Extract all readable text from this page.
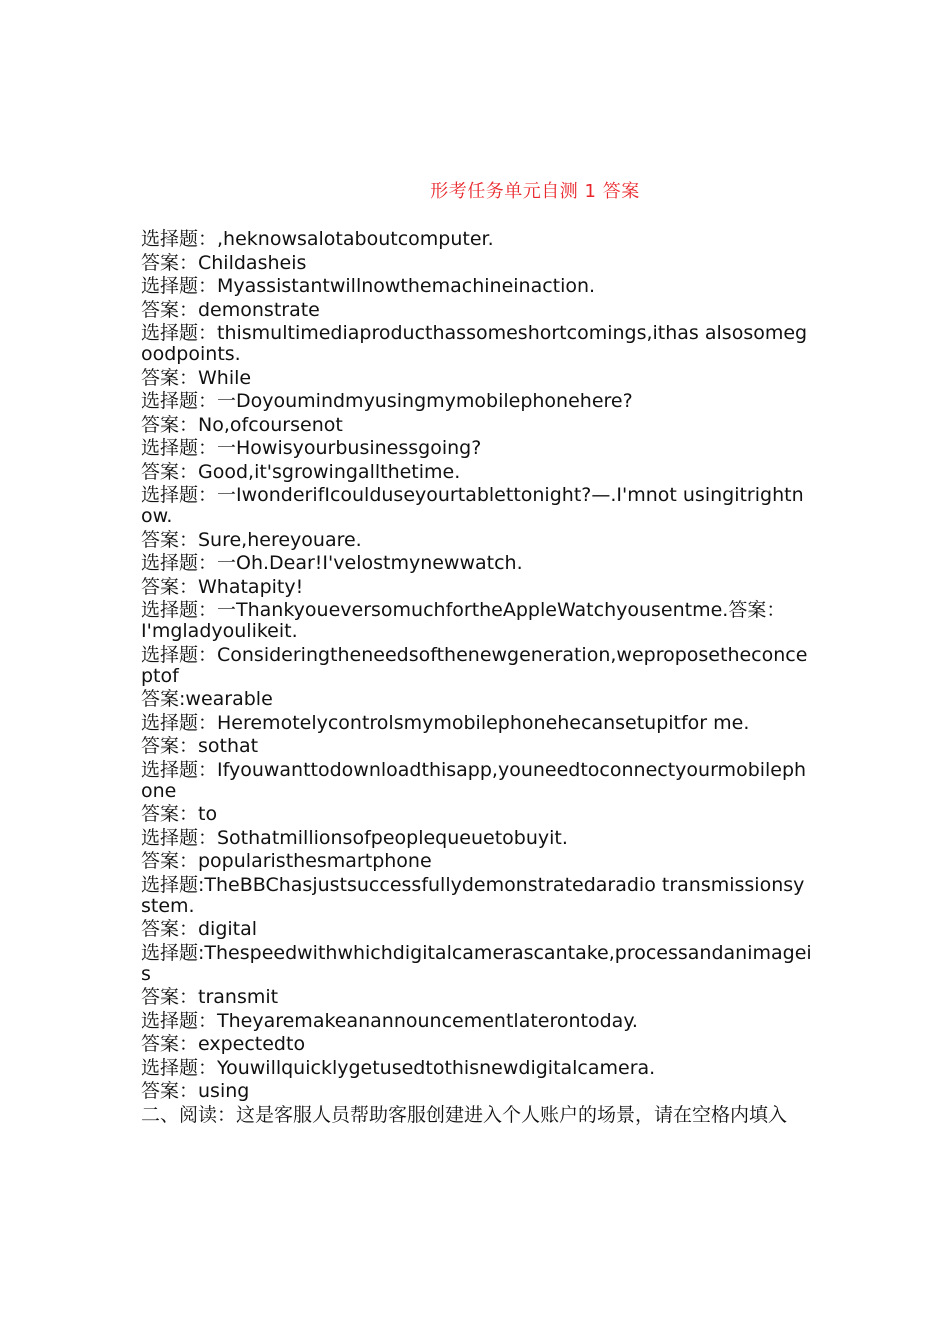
形考任务单元自测 1 答案
选择题：,heknowsalotaboutcomputer.
答案：Childasheis
选择题：Myassistantwillnowthemachineinaction.
答案：demonstrate
选择题：thismultimediaproducthassomeshortcomings,ithas alsosomegoodpoints.
答案：While
选择题：一Doyoumindmyusingmymobilephonehere?
答案：No,ofcoursenot
选择题：一Howisyourbusinessgoing?
答案：Good,it'sgrowingallthetime.
选择题：一IwonderifIcoulduseyourtablettonight?—.I'mnot usingitrightnow.
答案：Sure,hereyouare.
选择题：一Oh.Dear!I'velostmynewwatch.
答案：Whatapity!
选择题：一ThankyoueversomuchfortheAppleWatchyousentme.答案：I'mgladyoulikeit.
选择题：Consideringtheneedsofthenewgeneration,weproposetheconceptof
答案:wearable
选择题：Heremotelycontrolsmymobilephonehecansetupitfor me.
答案：sothat
选择题：Ifyouwanttodownloadthisapp,youneedtoconnectyourmobilephone
答案：to
选择题：Sothatmillionsofpeoplequeuetobuyit.
答案：popularisthesmartphone
选择题:TheBBChasjustsuccessfullydemonstratedaradio transmissionsystem.
答案：digital
选择题:Thespeedwithwhichdigitalcamerascantake,processandanimageis
答案：transmit
选择题：Theyaremakeanannouncementlaterontoday.
答案：expectedto
选择题：Youwillquicklygetusedtothisnewdigitalcamera.
答案：using
二、阅读：这是客服人员帮助客服创建进入个人账户的场景，请在空格内填入
